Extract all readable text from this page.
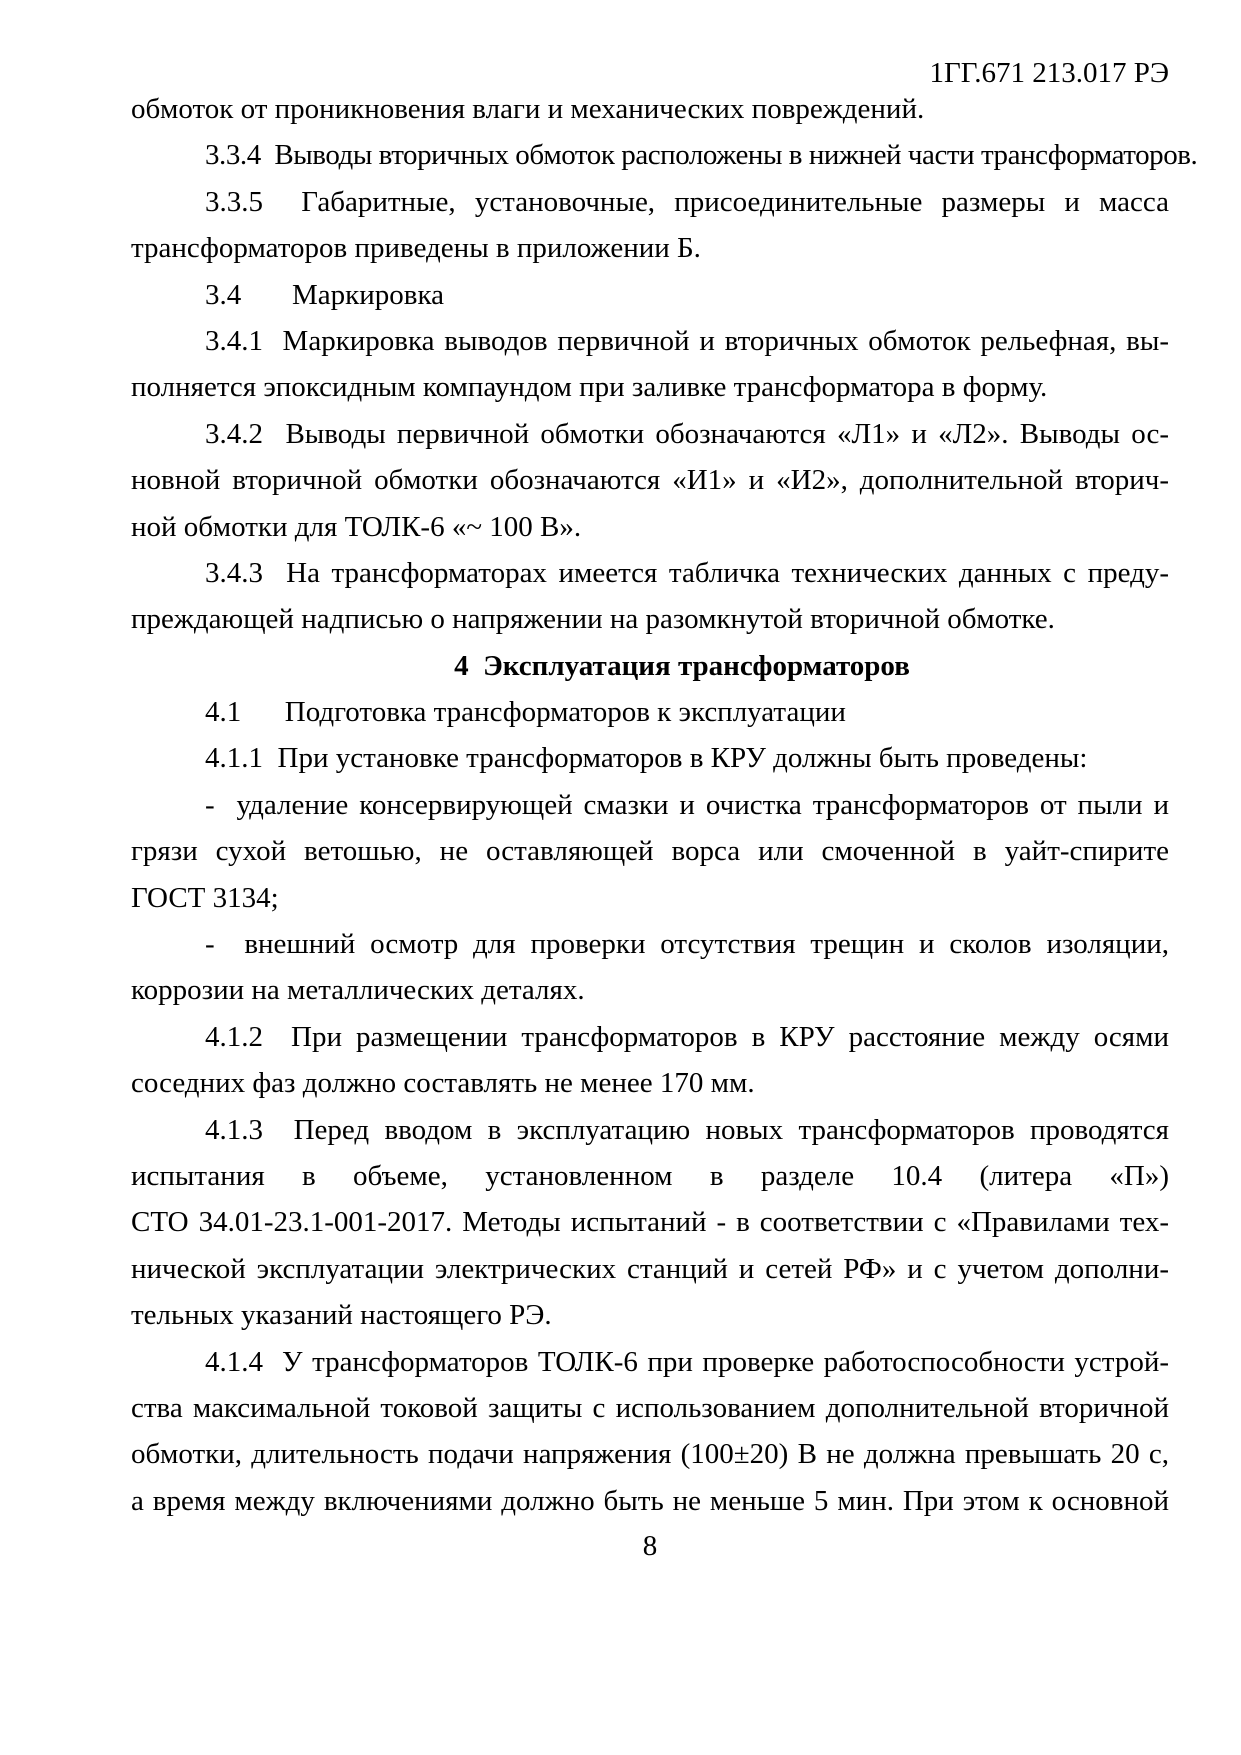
1ГГ.671 213.017 РЭ
обмоток от проникновения влаги и механических повреждений.
3.3.4  Выводы вторичных обмоток расположены в нижней части трансформаторов.
3.3.5  Габаритные, установочные, присоединительные размеры и масса
трансформаторов приведены в приложении Б.
3.4       Маркировка
3.4.1  Маркировка выводов первичной и вторичных обмоток рельефная, вы-
полняется эпоксидным компаундом при заливке трансформатора в форму.
3.4.2  Выводы первичной обмотки обозначаются «Л1» и «Л2». Выводы ос-
новной вторичной обмотки обозначаются «И1» и «И2», дополнительной вторич-
ной обмотки для ТОЛК-6 «~ 100 В».
3.4.3  На трансформаторах имеется табличка технических данных с преду-
преждающей надписью о напряжении на разомкнутой вторичной обмотке.
4  Эксплуатация трансформаторов
4.1      Подготовка трансформаторов к эксплуатации
4.1.1  При установке трансформаторов в КРУ должны быть проведены:
-  удаление консервирующей смазки и очистка трансформаторов от пыли и
грязи сухой ветошью, не оставляющей ворса или смоченной в уайт-спирите
ГОСТ 3134;
-  внешний осмотр для проверки отсутствия трещин и сколов изоляции,
коррозии на металлических деталях.
4.1.2  При размещении трансформаторов в КРУ расстояние между осями
соседних фаз должно составлять не менее 170 мм.
4.1.3  Перед вводом в эксплуатацию новых трансформаторов проводятся
испытания в объеме, установленном в разделе 10.4 (литера «П»)
СТО 34.01-23.1-001-2017. Методы испытаний - в соответствии с «Правилами тех-
нической эксплуатации электрических станций и сетей РФ» и с учетом дополни-
тельных указаний настоящего РЭ.
4.1.4  У трансформаторов ТОЛК-6 при проверке работоспособности устрой-
ства максимальной токовой защиты с использованием дополнительной вторичной
обмотки, длительность подачи напряжения (100±20) В не должна превышать 20 с,
а время между включениями должно быть не меньше 5 мин. При этом к основной
8
